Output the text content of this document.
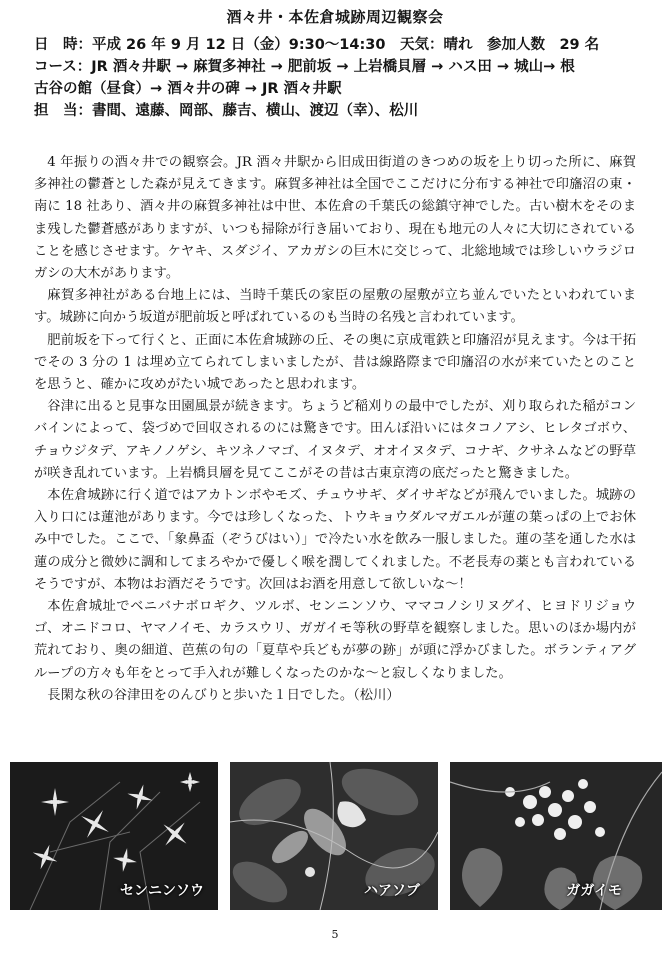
酒々井・本佐倉城跡周辺観察会
日　時：平成 26 年 9 月 12 日（金）9:30〜14:30　天気：晴れ　参加人数　29 名
コース：JR 酒々井駅 → 麻賀多神社 → 肥前坂 → 上岩橋貝層 → ハス田 → 城山→ 根
古谷の館（昼食）→ 酒々井の碑 → JR 酒々井駅
担　当：書間、遠藤、岡部、藤吉、横山、渡辺（幸）、松川

4 年振りの酒々井での観察会。JR 酒々井駅から旧成田街道のきつめの坂を上り切った所に、麻賀多神社の鬱蒼とした森が見えてきます。麻賀多神社は全国でここだけに分布する神社で印旛沼の東・南に 18 社あり、酒々井の麻賀多神社は中世、本佐倉の千葉氏の総鎮守神でした。古い樹木をそのまま残した鬱蒼感がありますが、いつも掃除が行き届いており、現在も地元の人々に大切にされていることを感じさせます。ケヤキ、スダジイ、アカガシの巨木に交じって、北総地域では珍しいウラジロガシの大木があります。

麻賀多神社がある台地上には、当時千葉氏の家臣の屋敷の屋敷が立ち並んでいたといわれています。城跡に向かう坂道が肥前坂と呼ばれているのも当時の名残と言われています。

肥前坂を下って行くと、正面に本佐倉城跡の丘、その奥に京成電鉄と印旛沼が見えます。今は干拓でその 3 分の 1 は埋め立てられてしまいましたが、昔は線路際まで印旛沼の水が来ていたとのことを思うと、確かに攻めがたい城であったと思われます。

谷津に出ると見事な田園風景が続きます。ちょうど稲刈りの最中でしたが、刈り取られた稲がコンバインによって、袋づめで回収されるのには驚きです。田んぼ沿いにはタコノアシ、ヒレタゴボウ、チョウジタデ、アキノノゲシ、キツネノマゴ、イヌタデ、オオイヌタデ、コナギ、クサネムなどの野草が咲き乱れています。上岩橋貝層を見てここがその昔は古東京湾の底だったと驚きました。

本佐倉城跡に行く道ではアカトンボやモズ、チュウサギ、ダイサギなどが飛んでいました。城跡の入り口には蓮池があります。今では珍しくなった、トウキョウダルマガエルが蓮の葉っぱの上でお休み中でした。ここで、「象鼻盃（ぞうびはい）」で冷たい水を飲み一服しました。蓮の茎を通した水は蓮の成分と微妙に調和してまろやかで優しく喉を潤してくれました。不老長寿の薬とも言われているそうですが、本物はお酒だそうです。次回はお酒を用意して欲しいな〜！

本佐倉城址でベニバナボロギク、ツルボ、センニンソウ、ママコノシリヌグイ、ヒヨドリジョウゴ、オニドコロ、ヤマノイモ、カラスウリ、ガガイモ等秋の野草を観察しました。思いのほか場内が荒れており、奥の細道、芭蕉の句の「夏草や兵どもが夢の跡」が頭に浮かびました。ボランティアグループの方々も年をとって手入れが難しくなったのかな〜と寂しくなりました。

長閑な秋の谷津田をのんびりと歩いた１日でした。（松川）

センニンソウ	ハアソブ	ガガイモ
5
